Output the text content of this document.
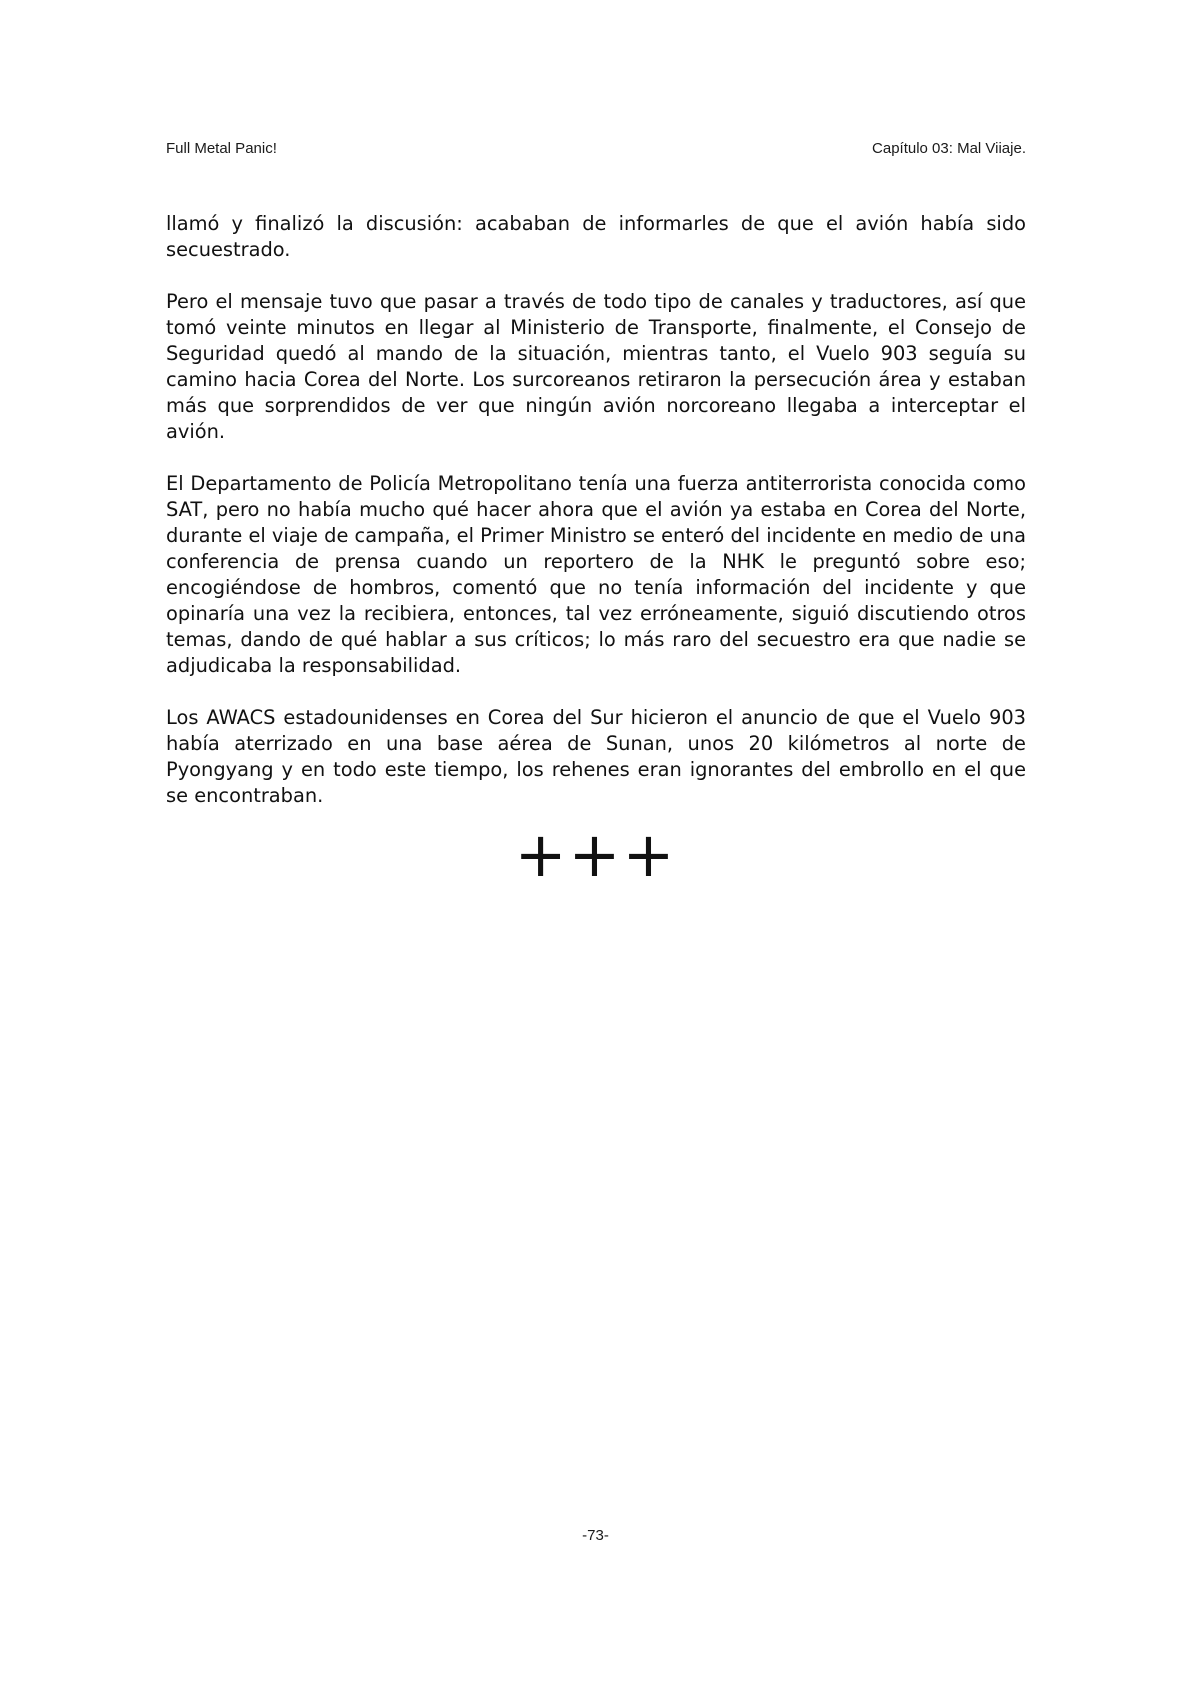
Full Metal Panic!	Capítulo 03: Mal Viiaje.

llamó y finalizó la discusión: acababan de informarles de que el avión había sido secuestrado.

Pero el mensaje tuvo que pasar a través de todo tipo de canales y traductores, así que tomó veinte minutos en llegar al Ministerio de Transporte, finalmente, el Consejo de Seguridad quedó al mando de la situación, mientras tanto, el Vuelo 903 seguía su camino hacia Corea del Norte. Los surcoreanos retiraron la persecución área y estaban más que sorprendidos de ver que ningún avión norcoreano llegaba a interceptar el avión.

El Departamento de Policía Metropolitano tenía una fuerza antiterrorista conocida como SAT, pero no había mucho qué hacer ahora que el avión ya estaba en Corea del Norte, durante el viaje de campaña, el Primer Ministro se enteró del incidente en medio de una conferencia de prensa cuando un reportero de la NHK le preguntó sobre eso; encogiéndose de hombros, comentó que no tenía información del incidente y que opinaría una vez la recibiera, entonces, tal vez erróneamente, siguió discutiendo otros temas, dando de qué hablar a sus críticos; lo más raro del secuestro era que nadie se adjudicaba la responsabilidad.

Los AWACS estadounidenses en Corea del Sur hicieron el anuncio de que el Vuelo 903 había aterrizado en una base aérea de Sunan, unos 20 kilómetros al norte de Pyongyang y en todo este tiempo, los rehenes eran ignorantes del embrollo en el que se encontraban.

+++
-73-
